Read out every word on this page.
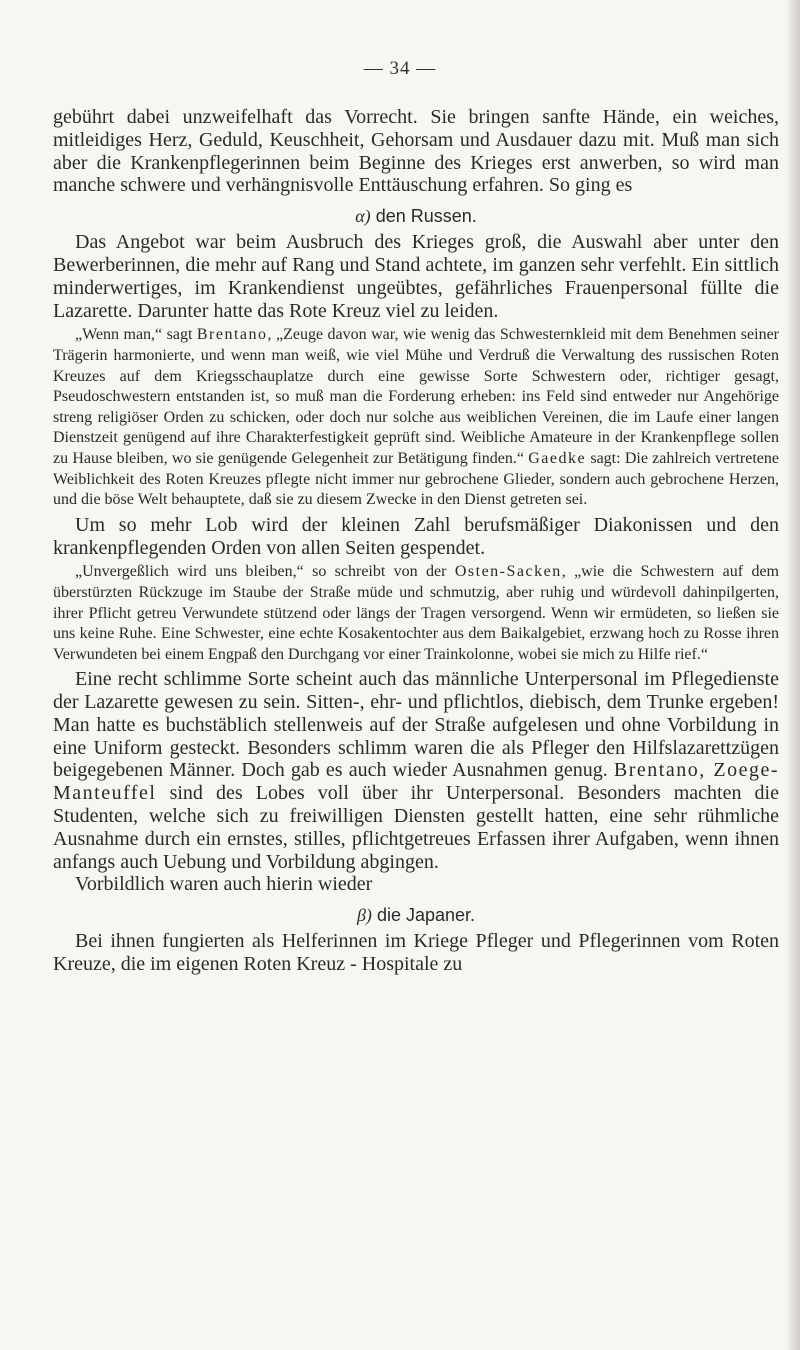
— 34 —

gebührt dabei unzweifelhaft das Vorrecht. Sie bringen sanfte Hände, ein weiches, mitleidiges Herz, Geduld, Keuschheit, Gehorsam und Ausdauer dazu mit. Muß man sich aber die Krankenpflegerinnen beim Beginne des Krieges erst anwerben, so wird man manche schwere und verhängnisvolle Enttäuschung erfahren. So ging es

α) den Russen.

Das Angebot war beim Ausbruch des Krieges groß, die Auswahl aber unter den Bewerberinnen, die mehr auf Rang und Stand achtete, im ganzen sehr verfehlt. Ein sittlich minderwertiges, im Krankendienst ungeübtes, gefährliches Frauenpersonal füllte die Lazarette. Darunter hatte das Rote Kreuz viel zu leiden.

„Wenn man,“ sagt Brentano, „Zeuge davon war, wie wenig das Schwesternkleid mit dem Benehmen seiner Trägerin harmonierte, und wenn man weiß, wie viel Mühe und Verdruß die Verwaltung des russischen Roten Kreuzes auf dem Kriegsschauplatze durch eine gewisse Sorte Schwestern oder, richtiger gesagt, Pseudoschwestern entstanden ist, so muß man die Forderung erheben: ins Feld sind entweder nur Angehörige streng religiöser Orden zu schicken, oder doch nur solche aus weiblichen Vereinen, die im Laufe einer langen Dienstzeit genügend auf ihre Charakterfestigkeit geprüft sind. Weibliche Amateure in der Krankenpflege sollen zu Hause bleiben, wo sie genügende Gelegenheit zur Betätigung finden.“ Gaedke sagt: Die zahlreich vertretene Weiblichkeit des Roten Kreuzes pflegte nicht immer nur gebrochene Glieder, sondern auch gebrochene Herzen, und die böse Welt behauptete, daß sie zu diesem Zwecke in den Dienst getreten sei.

Um so mehr Lob wird der kleinen Zahl berufsmäßiger Diakonissen und den krankenpflegenden Orden von allen Seiten gespendet.

„Unvergeßlich wird uns bleiben,“ so schreibt von der Osten-Sacken, „wie die Schwestern auf dem überstürzten Rückzuge im Staube der Straße müde und schmutzig, aber ruhig und würdevoll dahinpilgerten, ihrer Pflicht getreu Verwundete stützend oder längs der Tragen versorgend. Wenn wir ermüdeten, so ließen sie uns keine Ruhe. Eine Schwester, eine echte Kosakentochter aus dem Baikalgebiet, erzwang hoch zu Rosse ihren Verwundeten bei einem Engpaß den Durchgang vor einer Trainkolonne, wobei sie mich zu Hilfe rief.“

Eine recht schlimme Sorte scheint auch das männliche Unterpersonal im Pflegedienste der Lazarette gewesen zu sein. Sitten-, ehr- und pflichtlos, diebisch, dem Trunke ergeben! Man hatte es buchstäblich stellenweis auf der Straße aufgelesen und ohne Vorbildung in eine Uniform gesteckt. Besonders schlimm waren die als Pfleger den Hilfslazarettzügen beigegebenen Männer. Doch gab es auch wieder Ausnahmen genug. Brentano, Zoege-Manteuffel sind des Lobes voll über ihr Unterpersonal. Besonders machten die Studenten, welche sich zu freiwilligen Diensten gestellt hatten, eine sehr rühmliche Ausnahme durch ein ernstes, stilles, pflichtgetreues Erfassen ihrer Aufgaben, wenn ihnen anfangs auch Uebung und Vorbildung abgingen.

Vorbildlich waren auch hierin wieder

β) die Japaner.

Bei ihnen fungierten als Helferinnen im Kriege Pfleger und Pflegerinnen vom Roten Kreuze, die im eigenen Roten Kreuz - Hospitale zu
